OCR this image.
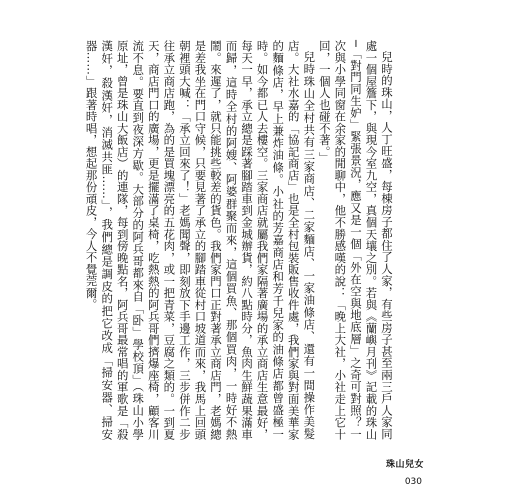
兒時的珠山，人丁旺盛，每棟房子都住了人家，有些房子甚至兩三戶人家同處一個屋簷下，與現今室九空，真個天壤之別。若與《蘭嶼月刊》記載的珠山─「對門同生妒」緊張景況，應又是一個「外在空與地底層」之奇可對照？一次與小學同窗在余家的閒聊中，他不勝感嘆的說：「晚上大社，小社走上它十回，一個人也碰不著。」

兒時珠山全村共有三家商店、二家麵店、一家油條店、還有一間操作美髮店。大社水嘉的「協記商店」也是全村包裝販售收件處，我們家與對面美華家的麵條店，早上兼炸油條。小社的芳嘉商店和芳千兒家的油條店都曾盛極一時。如今都已人去樓空。三家商店就屬我們家隔著廣場的承立商店生意最好，每天一早，承立總是踩著腳踏車到金城辦貨，約八點時分，魚肉生鮮蔬果滿車而歸，這時全村的阿嫂、阿婆群聚而來，這個買魚、那個買肉，一時好不熱鬧。來遲了，就只能挑些較差的貨色。我們家門口正對著承立商店門，老媽總是差我坐在門口守候，只要見著了承立的腳踏車從村口坡道而來，我馬上回頭朝裡頭大喊：「承立回來了！」老媽聞聲，即刻放下手邊工作，三步併作二步往承立商店跑，為的是買塊漂亮的五花肉，或一把青菜，豆腐之類的。一到夏天，商店門口的廣場，更是擺滿了桌椅，吃熱熱的阿兵哥們擠爆座椅，顧客川流不息。要直到夜深方歇。大部分的阿兵哥都來自「卧」學校頂」（珠山小學原址，曾是珠山大飯店）的連隊，每到傍晚點名，阿兵哥最常唱的軍歌是「殺漢奸，殺漢奸，消滅共匪……」，我們總是調皮的把它改成「掃安器、掃安器……」跟著時唱，想起那份頑皮，今人不覺莞爾。

珠山兒女
030
